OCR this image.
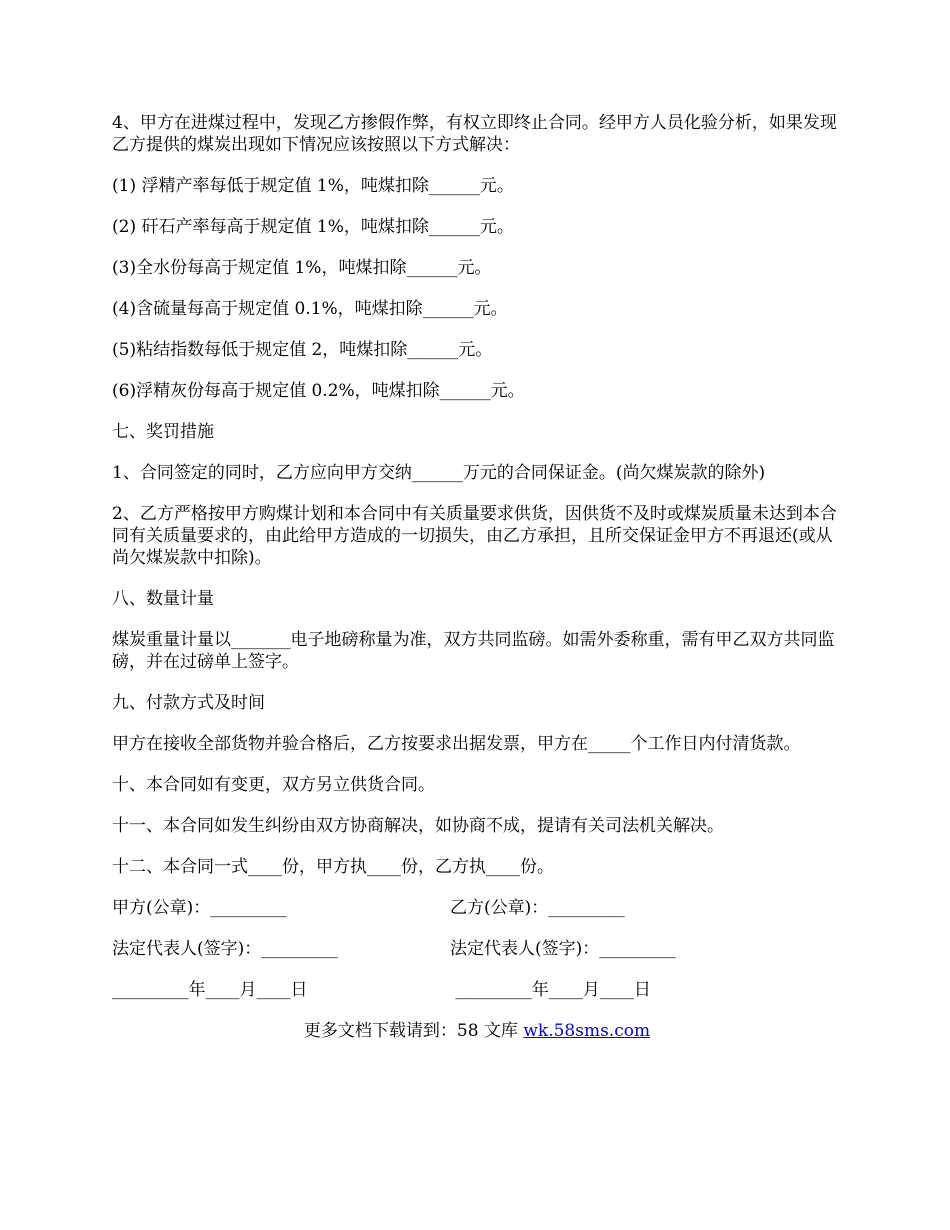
4、甲方在进煤过程中，发现乙方掺假作弊，有权立即终止合同。经甲方人员化验分析，如果发现乙方提供的煤炭出现如下情况应该按照以下方式解决：

(1) 浮精产率每低于规定值 1%，吨煤扣除______元。

(2) 矸石产率每高于规定值 1%，吨煤扣除______元。

(3)全水份每高于规定值 1%，吨煤扣除______元。

(4)含硫量每高于规定值 0.1%，吨煤扣除______元。

(5)粘结指数每低于规定值 2，吨煤扣除______元。

(6)浮精灰份每高于规定值 0.2%，吨煤扣除______元。

七、奖罚措施

1、合同签定的同时，乙方应向甲方交纳______万元的合同保证金。(尚欠煤炭款的除外)

2、乙方严格按甲方购煤计划和本合同中有关质量要求供货，因供货不及时或煤炭质量未达到本合同有关质量要求的，由此给甲方造成的一切损失，由乙方承担，且所交保证金甲方不再退还(或从尚欠煤炭款中扣除)。

八、数量计量

煤炭重量计量以_______电子地磅称量为准，双方共同监磅。如需外委称重，需有甲乙双方共同监磅，并在过磅单上签字。

九、付款方式及时间

甲方在接收全部货物并验合格后，乙方按要求出据发票，甲方在_____个工作日内付清货款。

十、本合同如有变更，双方另立供货合同。

十一、本合同如发生纠纷由双方协商解决，如协商不成，提请有关司法机关解决。

十二、本合同一式____份，甲方执____份，乙方执____份。

甲方(公章)：_________	乙方(公章)：_________
法定代表人(签字)：_________	法定代表人(签字)：_________
_________年____月____日	_________年____月____日
更多文档下载请到：58 文库 wk.58sms.com
